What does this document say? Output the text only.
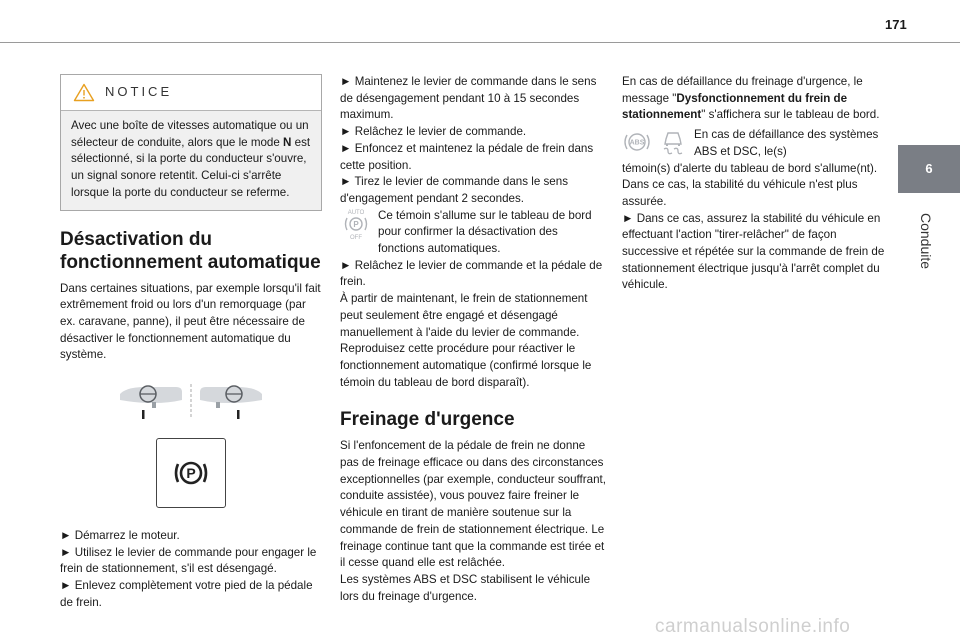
171
6
Conduite
NOTICE
Avec une boîte de vitesses automatique ou un sélecteur de conduite, alors que le mode N est sélectionné, si la porte du conducteur s'ouvre, un signal sonore retentit. Celui-ci s'arrête lorsque la porte du conducteur se referme.
Désactivation du fonctionnement automatique

Dans certaines situations, par exemple lorsqu'il fait extrêmement froid ou lors d'un remorquage (par ex. caravane, panne), il peut être nécessaire de désactiver le fonctionnement automatique du système.

P

► Démarrez le moteur.
► Utilisez le levier de commande pour engager le frein de stationnement, s'il est désengagé.
► Enlevez complètement votre pied de la pédale de frein.

► Maintenez le levier de commande dans le sens de désengagement pendant 10 à 15 secondes maximum.
► Relâchez le levier de commande.
► Enfoncez et maintenez la pédale de frein dans cette position.
► Tirez le levier de commande dans le sens d'engagement pendant 2 secondes.

AUTO
P
OFF
Ce témoin s'allume sur le tableau de bord pour confirmer la désactivation des fonctions automatiques.

► Relâchez le levier de commande et la pédale de frein.
À partir de maintenant, le frein de stationnement peut seulement être engagé et désengagé manuellement à l'aide du levier de commande.
Reproduisez cette procédure pour réactiver le fonctionnement automatique (confirmé lorsque le témoin du tableau de bord disparaît).

Freinage d'urgence

Si l'enfoncement de la pédale de frein ne donne pas de freinage efficace ou dans des circonstances exceptionnelles (par exemple, conducteur souffrant, conduite assistée), vous pouvez faire freiner le véhicule en tirant de manière soutenue sur la commande de frein de stationnement électrique. Le freinage continue tant que la commande est tirée et il cesse quand elle est relâchée.
Les systèmes ABS et DSC stabilisent le véhicule lors du freinage d'urgence.

En cas de défaillance du freinage d'urgence, le message "Dysfonctionnement du frein de stationnement" s'affichera sur le tableau de bord.

ABS
En cas de défaillance des systèmes ABS et DSC, le(s)

témoin(s) d'alerte du tableau de bord s'allume(nt). Dans ce cas, la stabilité du véhicule n'est plus assurée.
► Dans ce cas, assurez la stabilité du véhicule en effectuant l'action "tirer-relâcher" de façon successive et répétée sur la commande de frein de stationnement électrique jusqu'à l'arrêt complet du véhicule.

carmanualsonline.info
